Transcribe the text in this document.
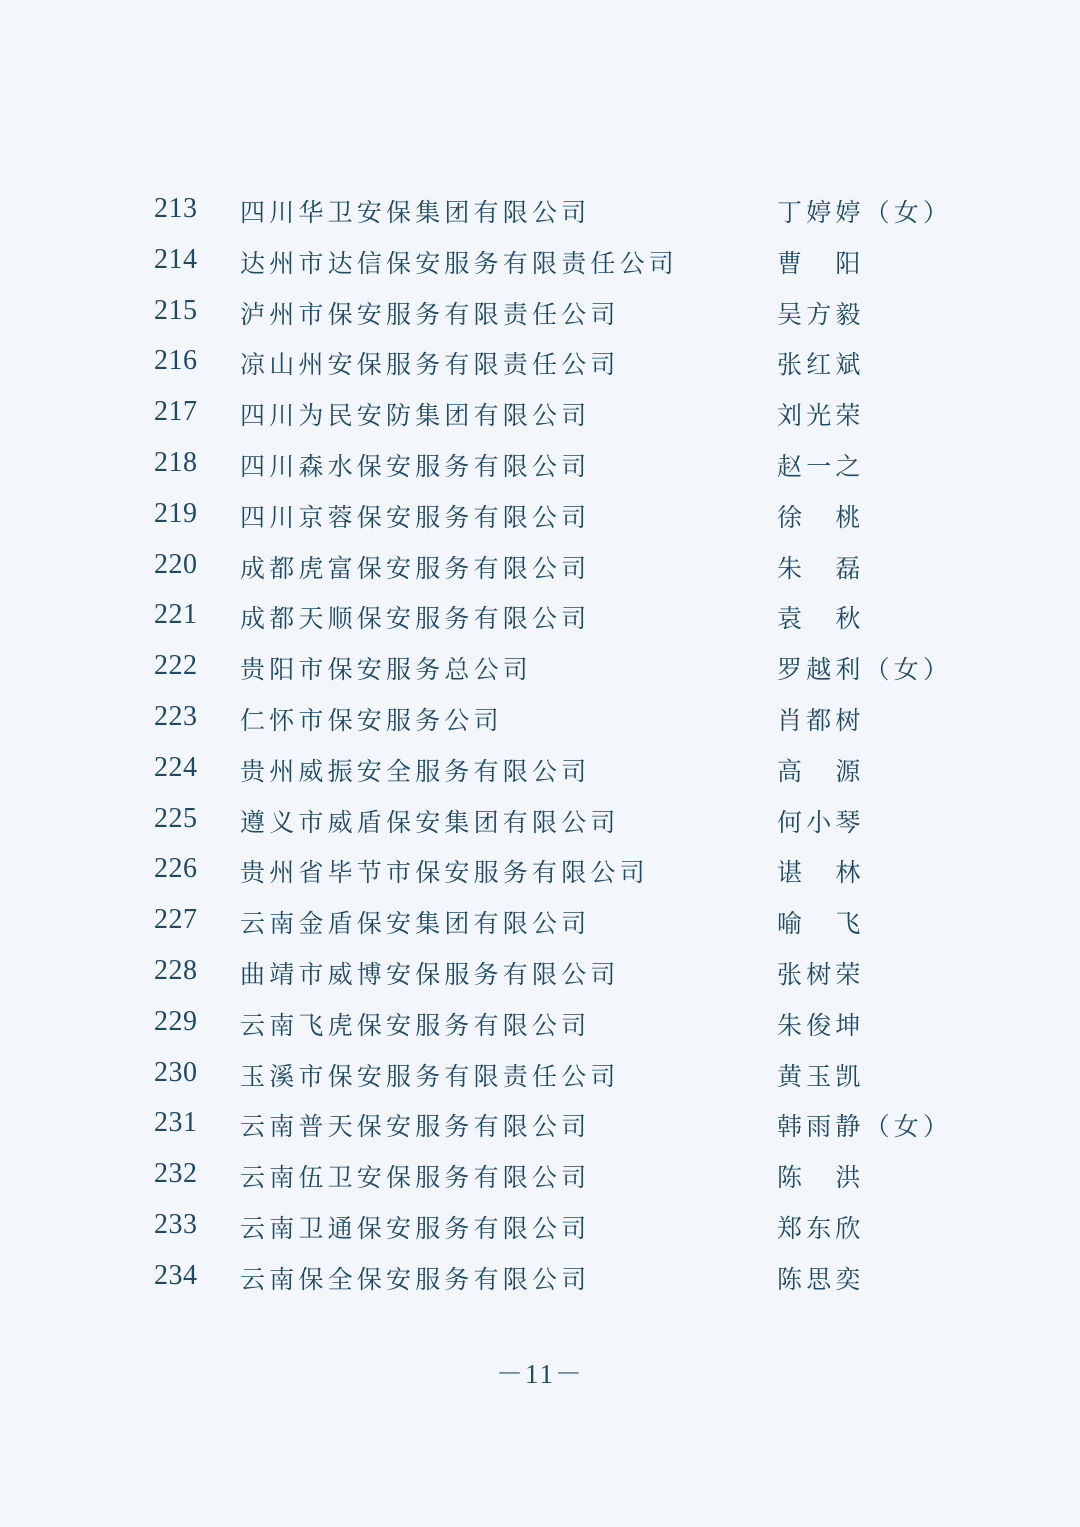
213 四川华卫安保集团有限公司	丁婷婷（女）
214 达州市达信保安服务有限责任公司	曹　阳
215 泸州市保安服务有限责任公司	吴方毅
216 凉山州安保服务有限责任公司	张红斌
217 四川为民安防集团有限公司	刘光荣
218 四川森水保安服务有限公司	赵一之
219 四川京蓉保安服务有限公司	徐　桃
220 成都虎富保安服务有限公司	朱　磊
221 成都天顺保安服务有限公司	袁　秋
222 贵阳市保安服务总公司	罗越利（女）
223 仁怀市保安服务公司	肖都树
224 贵州威振安全服务有限公司	高　源
225 遵义市威盾保安集团有限公司	何小琴
226 贵州省毕节市保安服务有限公司	谌　林
227 云南金盾保安集团有限公司	喻　飞
228 曲靖市威博安保服务有限公司	张树荣
229 云南飞虎保安服务有限公司	朱俊坤
230 玉溪市保安服务有限责任公司	黄玉凯
231 云南普天保安服务有限公司	韩雨静（女）
232 云南伍卫安保服务有限公司	陈　洪
233 云南卫通保安服务有限公司	郑东欣
234 云南保全保安服务有限公司	陈思奕
－11－
